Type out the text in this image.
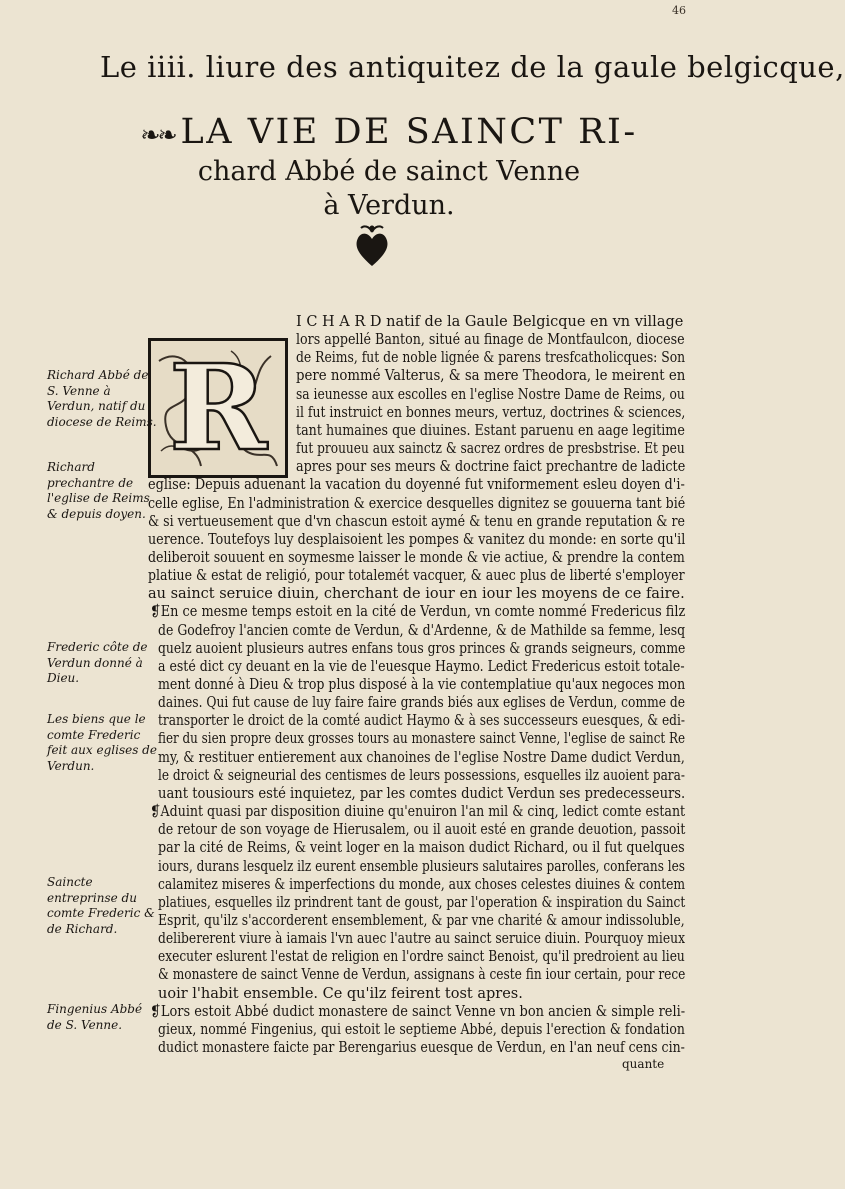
46
Le iiii. liure des antiquitez de la gaule belgicque,
❧❧ LA VIE DE SAINCT RI-
chard Abbé de sainct Venne
à Verdun.
R
I C H A R D natif de la Gaule Belgicque en vn village
lors appellé Banton, situé au finage de Montfaulcon, diocese
de Reims, fut de noble lignée & parens tresfcatholicques: Son
pere nommé Valterus, & sa mere Theodora, le meirent en
sa ieunesse aux escolles en l'eglise Nostre Dame de Reims, ou
il fut instruict en bonnes meurs, vertuz, doctrines & sciences,
tant humaines que diuines. Estant paruenu en aage legitime
fut prouueu aux sainctz & sacrez ordres de presbstrise. Et peu
apres pour ses meurs & doctrine faict prechantre de ladicte
eglise: Depuis aduenant la vacation du doyenné fut vniformement esleu doyen d'i-
celle eglise, En l'administration & exercice desquelles dignitez se gouuerna tant bié
& si vertueusement que d'vn chascun estoit aymé & tenu en grande reputation & re
uerence. Toutefoys luy desplaisoient les pompes & vanitez du monde: en sorte qu'il
deliberoit souuent en soymesme laisser le monde & vie actiue, & prendre la contem
platiue & estat de religió, pour totalemét vacquer, & auec plus de liberté s'employer
au sainct seruice diuin, cherchant de iour en iour les moyens de ce faire.
❡En ce mesme temps estoit en la cité de Verdun, vn comte nommé Fredericus filz
de Godefroy l'ancien comte de Verdun, & d'Ardenne, & de Mathilde sa femme, lesq
quelz auoient plusieurs autres enfans tous gros princes & grands seigneurs, comme
a esté dict cy deuant en la vie de l'euesque Haymo. Ledict Fredericus estoit totale-
ment donné à Dieu & trop plus disposé à la vie contemplatiue qu'aux negoces mon
daines. Qui fut cause de luy faire faire grands biés aux eglises de Verdun, comme de
transporter le droict de la comté audict Haymo & à ses successeurs euesques, & edi-
fier du sien propre deux grosses tours au monastere sainct Venne, l'eglise de sainct Re
my, & restituer entierement aux chanoines de l'eglise Nostre Dame dudict Verdun,
le droict & seigneurial des centismes de leurs possessions, esquelles ilz auoient para-
uant tousiours esté inquietez, par les comtes dudict Verdun ses predecesseurs.
❡Aduint quasi par disposition diuine qu'enuiron l'an mil & cinq, ledict comte estant
de retour de son voyage de Hierusalem, ou il auoit esté en grande deuotion, passoit
par la cité de Reims, & veint loger en la maison dudict Richard, ou il fut quelques
iours, durans lesquelz ilz eurent ensemble plusieurs salutaires parolles, conferans les
calamitez miseres & imperfections du monde, aux choses celestes diuines & contem
platiues, esquelles ilz prindrent tant de goust, par l'operation & inspiration du Sainct
Esprit, qu'ilz s'accorderent ensemblement, & par vne charité & amour indissoluble,
delibererent viure à iamais l'vn auec l'autre au sainct seruice diuin. Pourquoy mieux
executer eslurent l'estat de religion en l'ordre sainct Benoist, qu'il predroient au lieu
& monastere de sainct Venne de Verdun, assignans à ceste fin iour certain, pour rece
uoir l'habit ensemble. Ce qu'ilz feirent tost apres.
❡Lors estoit Abbé dudict monastere de sainct Venne vn bon ancien & simple reli-
gieux, nommé Fingenius, qui estoit le septieme Abbé, depuis l'erection & fondation
dudict monastere faicte par Berengarius euesque de Verdun, en l'an neuf cens cin-
quante
Richard Abbé de S. Venne à Verdun, natif du diocese de Reims.
Richard prechantre de l'eglise de Reims & depuis doyen.
Frederic côte de Verdun donné à Dieu.
Les biens que le comte Frederic feit aux eglises de Verdun.
Saincte entreprinse du comte Frederic & de Richard.
Fingenius Abbé de S. Venne.
